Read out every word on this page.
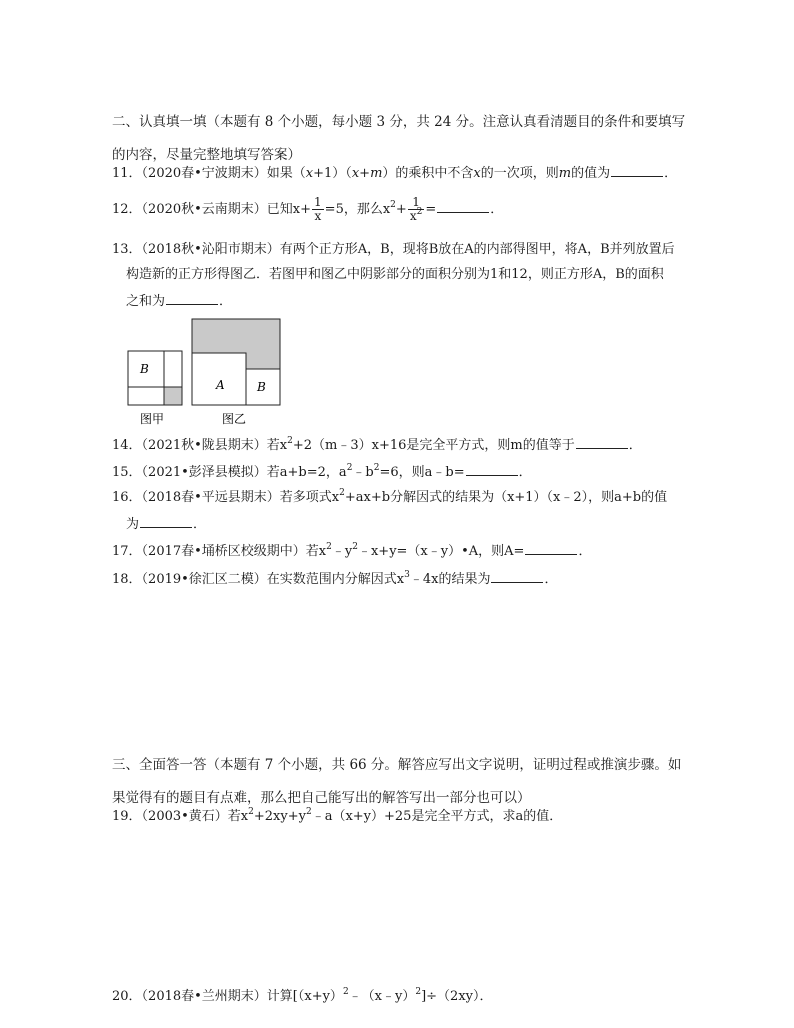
二、认真填一填（本题有 8 个小题，每小题 3 分，共 24 分。注意认真看清题目的条件和要填写
的内容，尽量完整地填写答案）
11．（2020春•宁波期末）如果（x+1）（x+m）的乘积中不含x的一次项，则m的值为	．
12．（2020秋•云南期末）已知$x+ \frac{1}{x} =5$，那么$x^2+ \frac{1}{x^2}$ =	．
13．（2018秋•沁阳市期末）有两个正方形A，B，现将B放在A的内部得图甲，将A，B并列放置后
构造新的正方形得图乙．若图甲和图乙中阴影部分的面积分别为1和12，则正方形A，B的面积
之和为	．
B
A	B
图甲	图乙
14．（2021秋•陇县期末）若$x^2+2(m﹣3)x+16$是完全平方式，则m的值等于	．
15．（2021•彭泽县模拟）若a+b=2，$a^2﹣b^2=6$，则a﹣b=	．
16．（2018春•平远县期末）若多项式$x^2+ax+b$分解因式的结果为（x+1）（x﹣2），则a+b的值
为	．
17．（2017春•埇桥区校级期中）若$x^2﹣y^2﹣x+y=(x﹣y)•A$，则A=	．
18．（2019•徐汇区二模）在实数范围内分解因式$x^3﹣4x$的结果为	．
三、全面答一答（本题有 7 个小题，共 66 分。解答应写出文字说明，证明过程或推演步骤。如
果觉得有的题目有点难，那么把自己能写出的解答写出一部分也可以）
19．（2003•黄石）若$x^2+2xy+y^2﹣a(x+y)+25$是完全平方式，求a的值．
20．（2018春•兰州期末）计算$[(x+y)^2﹣(x﹣y)^2]\div(2xy)$．
